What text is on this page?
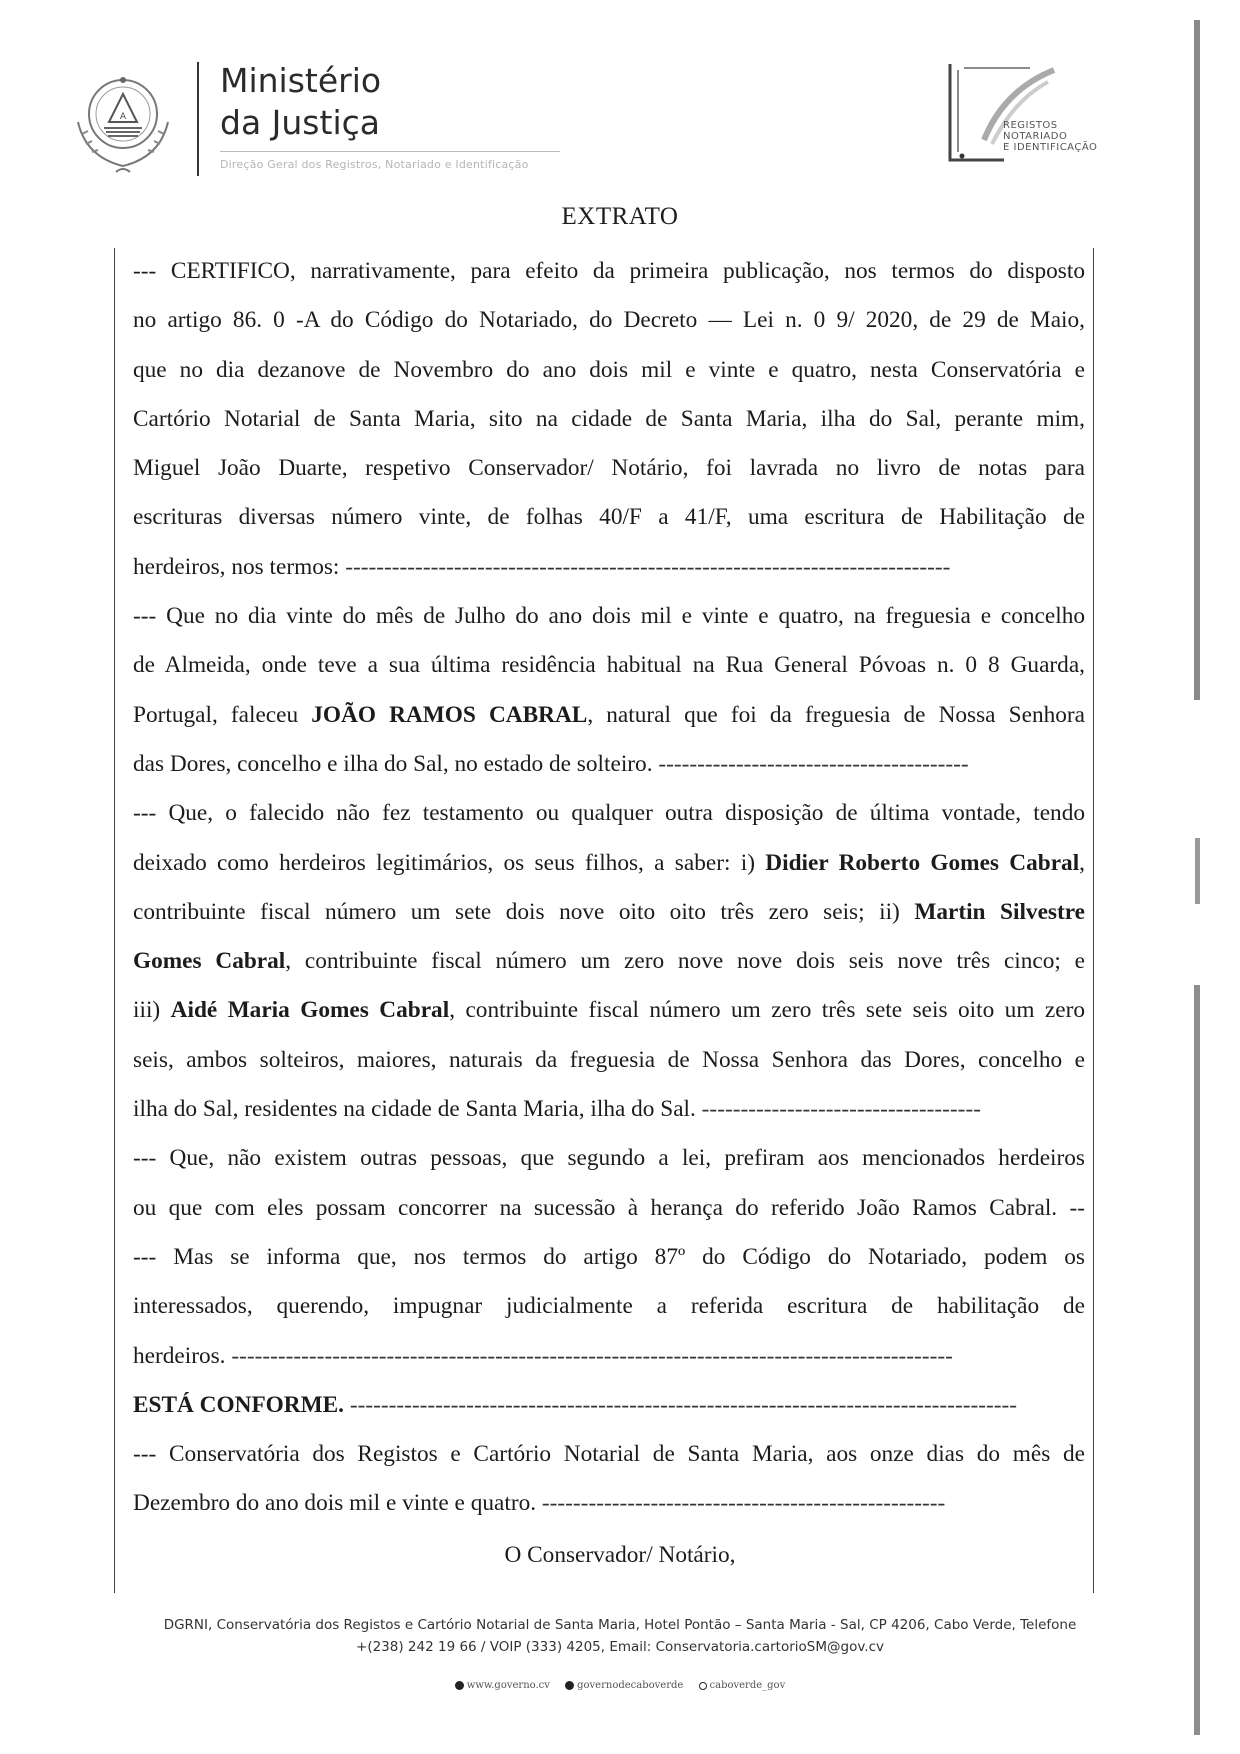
A
Ministério
da Justiça
Direção Geral dos Registros, Notariado e Identificação
REGISTOS
NOTARIADO
E IDENTIFICAÇÃO
EXTRATO
--- CERTIFICO, narrativamente, para efeito da primeira publicação, nos termos do disposto
no artigo 86. 0 -A do Código do Notariado, do Decreto — Lei n. 0 9/ 2020, de 29 de Maio,
que no dia dezanove de Novembro do ano dois mil e vinte e quatro, nesta Conservatória e
Cartório Notarial de Santa Maria, sito na cidade de Santa Maria, ilha do Sal, perante mim,
Miguel João Duarte, respetivo Conservador/ Notário, foi lavrada no livro de notas para
escrituras diversas número vinte, de folhas 40/F a 41/F, uma escritura de Habilitação de
herdeiros, nos termos: ------------------------------------------------------------------------------
--- Que no dia vinte do mês de Julho do ano dois mil e vinte e quatro, na freguesia e concelho
de Almeida, onde teve a sua última residência habitual na Rua General Póvoas n. 0 8 Guarda,
Portugal, faleceu JOÃO RAMOS CABRAL, natural que foi da freguesia de Nossa Senhora
das Dores, concelho e ilha do Sal, no estado de solteiro. ----------------------------------------
--- Que, o falecido não fez testamento ou qualquer outra disposição de última vontade, tendo
deixado como herdeiros legitimários, os seus filhos, a saber: i) Didier Roberto Gomes Cabral,
contribuinte fiscal número um sete dois nove oito oito três zero seis; ii) Martin Silvestre
Gomes Cabral, contribuinte fiscal número um zero nove nove dois seis nove três cinco; e
iii) Aidé Maria Gomes Cabral, contribuinte fiscal número um zero três sete seis oito um zero
seis, ambos solteiros, maiores, naturais da freguesia de Nossa Senhora das Dores, concelho e
ilha do Sal, residentes na cidade de Santa Maria, ilha do Sal. ------------------------------------
--- Que, não existem outras pessoas, que segundo a lei, prefiram aos mencionados herdeiros
ou que com eles possam concorrer na sucessão à herança do referido João Ramos Cabral. --
--- Mas se informa que, nos termos do artigo 87º do Código do Notariado, podem os
interessados, querendo, impugnar judicialmente a referida escritura de habilitação de
herdeiros. ---------------------------------------------------------------------------------------------
ESTÁ CONFORME. --------------------------------------------------------------------------------------
--- Conservatória dos Registos e Cartório Notarial de Santa Maria, aos onze dias do mês de
Dezembro do ano dois mil e vinte e quatro. ----------------------------------------------------
O Conservador/ Notário,
DGRNI, Conservatória dos Registos e Cartório Notarial de Santa Maria, Hotel Pontão – Santa Maria - Sal, CP 4206, Cabo Verde, Telefone
+(238) 242 19 66 / VOIP (333) 4205, Email: Conservatoria.cartorioSM@gov.cv
www.governo.cv	governodecaboverde	caboverde_gov
